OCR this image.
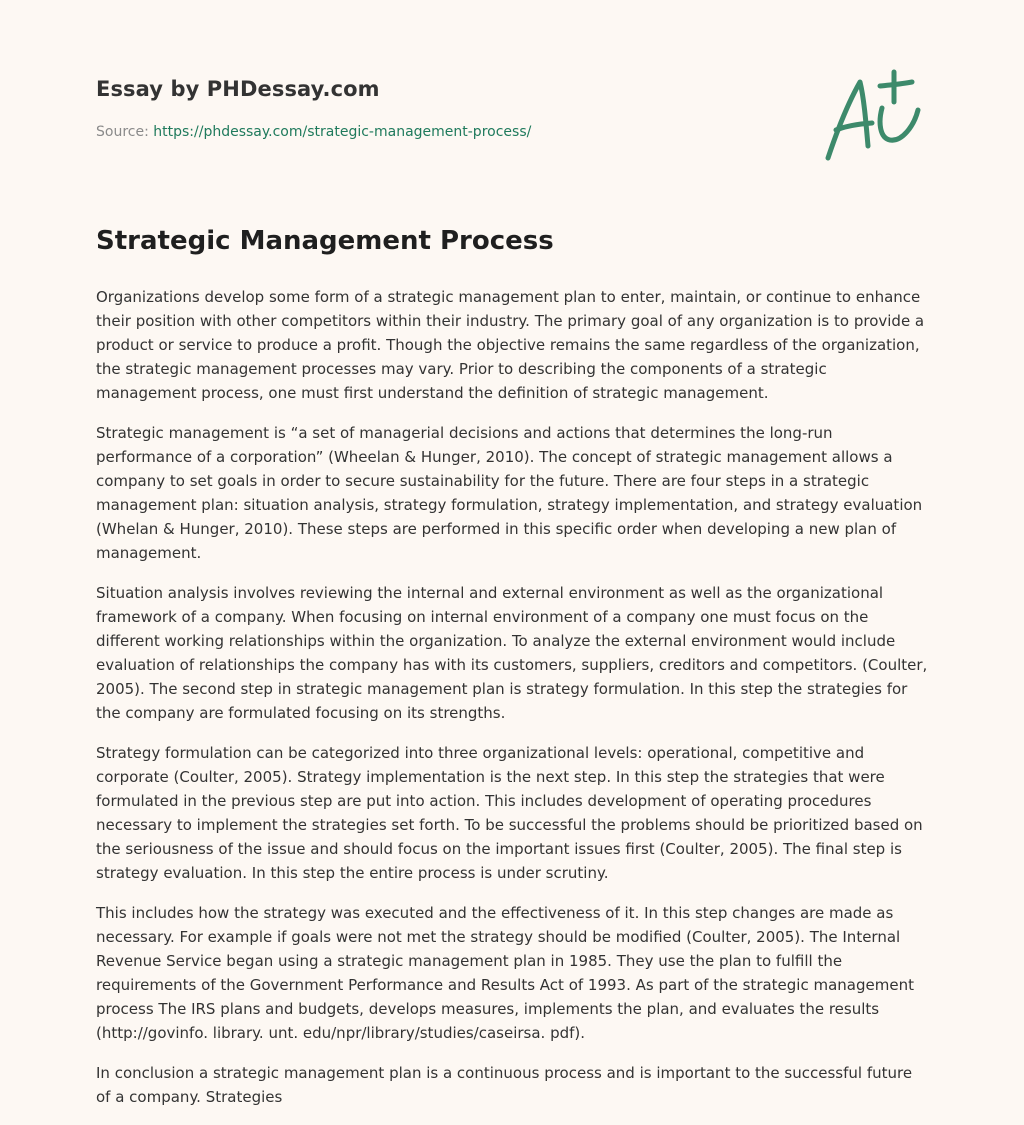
Essay by PHDessay.com
Source: https://phdessay.com/strategic-management-process/
Strategic Management Process

Organizations develop some form of a strategic management plan to enter, maintain, or continue to enhance their position with other competitors within their industry. The primary goal of any organization is to provide a product or service to produce a profit. Though the objective remains the same regardless of the organization, the strategic management processes may vary. Prior to describing the components of a strategic management process, one must first understand the definition of strategic management.

Strategic management is “a set of managerial decisions and actions that determines the long-run performance of a corporation” (Wheelan & Hunger, 2010). The concept of strategic management allows a company to set goals in order to secure sustainability for the future. There are four steps in a strategic management plan: situation analysis, strategy formulation, strategy implementation, and strategy evaluation (Whelan & Hunger, 2010). These steps are performed in this specific order when developing a new plan of management.

Situation analysis involves reviewing the internal and external environment as well as the organizational framework of a company. When focusing on internal environment of a company one must focus on the different working relationships within the organization. To analyze the external environment would include evaluation of relationships the company has with its customers, suppliers, creditors and competitors. (Coulter, 2005). The second step in strategic management plan is strategy formulation. In this step the strategies for the company are formulated focusing on its strengths.

Strategy formulation can be categorized into three organizational levels: operational, competitive and corporate (Coulter, 2005). Strategy implementation is the next step. In this step the strategies that were formulated in the previous step are put into action. This includes development of operating procedures necessary to implement the strategies set forth. To be successful the problems should be prioritized based on the seriousness of the issue and should focus on the important issues first (Coulter, 2005). The final step is strategy evaluation. In this step the entire process is under scrutiny.

This includes how the strategy was executed and the effectiveness of it. In this step changes are made as necessary. For example if goals were not met the strategy should be modified (Coulter, 2005). The Internal Revenue Service began using a strategic management plan in 1985. They use the plan to fulfill the requirements of the Government Performance and Results Act of 1993. As part of the strategic management process The IRS plans and budgets, develops measures, implements the plan, and evaluates the results (http://govinfo. library. unt. edu/npr/library/studies/caseirsa. pdf).

In conclusion a strategic management plan is a continuous process and is important to the successful future of a company. Strategies
